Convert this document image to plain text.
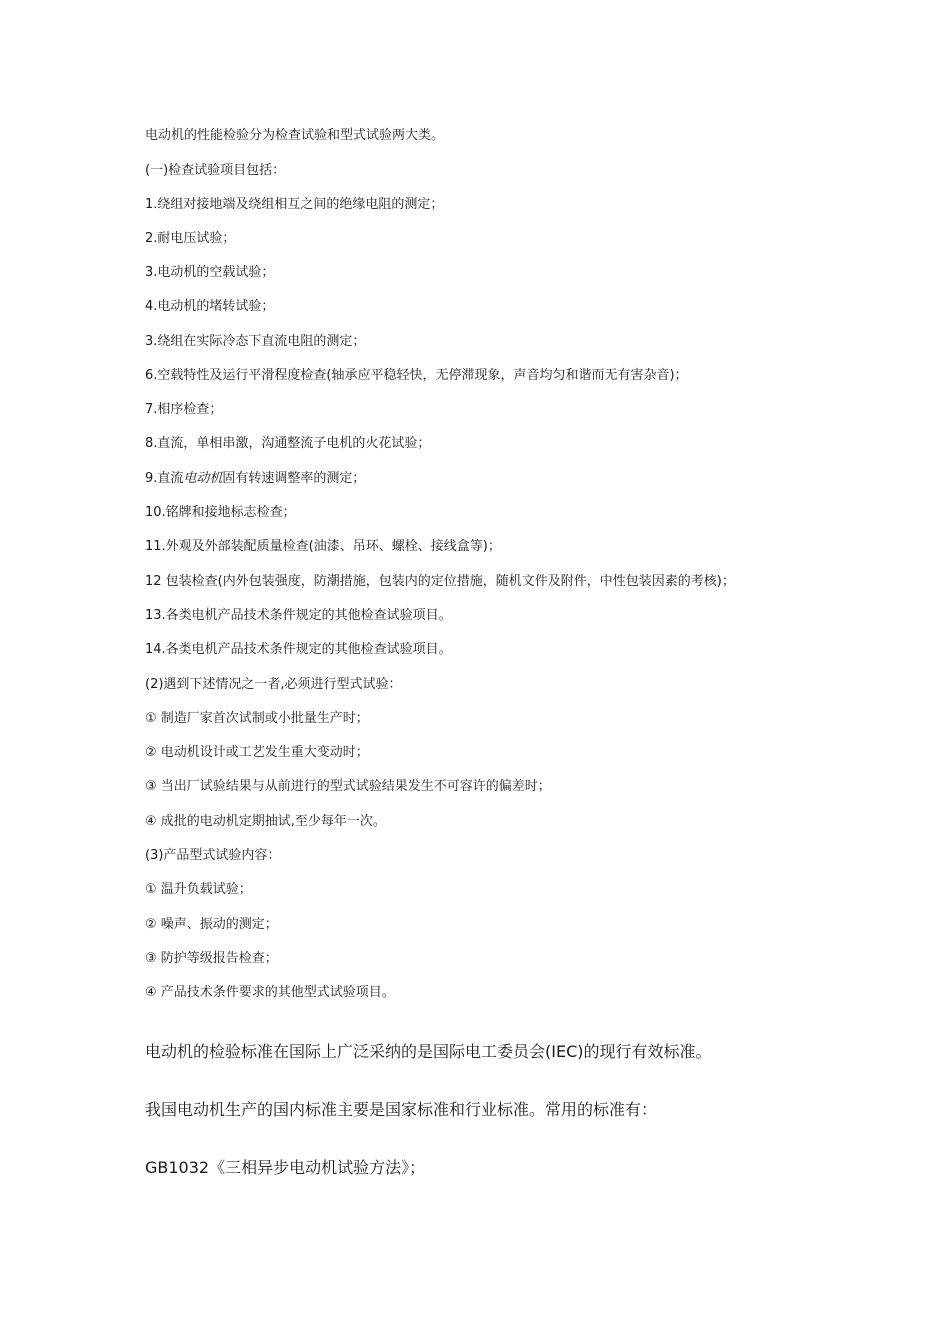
电动机的性能检验分为检查试验和型式试验两大类。
(一)检查试验项目包括：
1.绕组对接地端及绕组相互之间的绝缘电阻的测定；
2.耐电压试验；
3.电动机的空载试验；
4.电动机的堵转试验；
3.绕组在实际冷态下直流电阻的测定；
6.空载特性及运行平滑程度检查(轴承应平稳轻快，无停滞现象，声音均匀和谐而无有害杂音)；
7.相序检查；
8.直流，单相串激，沟通整流子电机的火花试验；
9.直流电动机固有转速调整率的测定；
10.铭牌和接地标志检查；
11.外观及外部装配质量检查(油漆、吊环、螺栓、接线盒等)；
12 包装检查(内外包装强度，防潮措施，包装内的定位措施，随机文件及附件，中性包装因素的考核)；
13.各类电机产品技术条件规定的其他检查试验项目。
14.各类电机产品技术条件规定的其他检查试验项目。
(2)遇到下述情况之一者,必须进行型式试验：
① 制造厂家首次试制或小批量生产时；
② 电动机设计或工艺发生重大变动时；
③ 当出厂试验结果与从前进行的型式试验结果发生不可容许的偏差时；
④ 成批的电动机定期抽试,至少每年一次。
(3)产品型式试验内容：
① 温升负载试验；
② 噪声、振动的测定；
③ 防护等级报告检查；
④ 产品技术条件要求的其他型式试验项目。
电动机的检验标准在国际上广泛采纳的是国际电工委员会(IEC)的现行有效标准。
我国电动机生产的国内标准主要是国家标准和行业标准。常用的标准有：
GB1032《三相异步电动机试验方法》；
